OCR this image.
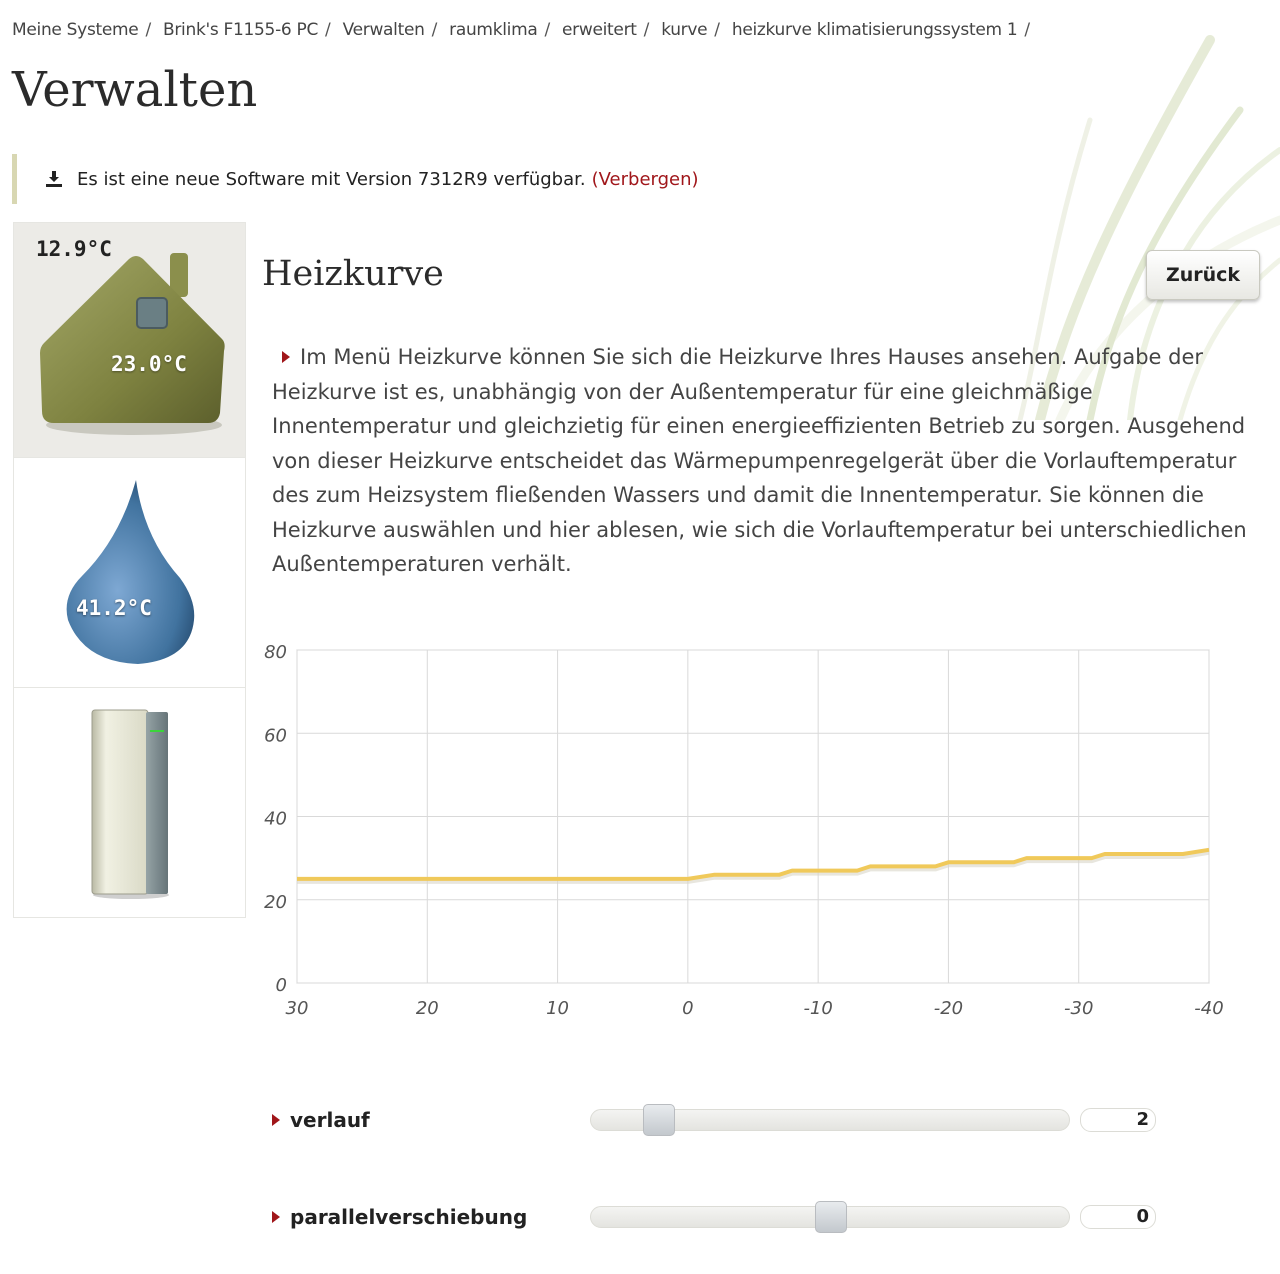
Meine Systeme / Brink's F1155-6 PC / Verwalten / raumklima / erweitert / kurve / heizkurve klimatisierungssystem 1 /
Verwalten
Es ist eine neue Software mit Version 7312R9 verfügbar. (Verbergen)
12.9°C
23.0°C
41.2°C
Heizkurve	Zurück

Im Menü Heizkurve können Sie sich die Heizkurve Ihres Hauses ansehen. Aufgabe der Heizkurve ist es, unabhängig von der Außentemperatur für eine gleichmäßige Innentemperatur und gleichzietig für einen energieeffizienten Betrieb zu sorgen. Ausgehend von dieser Heizkurve entscheidet das Wärmepumpenregelgerät über die Vorlauftemperatur des zum Heizsystem fließenden Wassers und damit die Innentemperatur. Sie können die Heizkurve auswählen und hier ablesen, wie sich die Vorlauftemperatur bei unterschiedlichen Außentemperaturen verhält.

30	20	10	0	-10	-20	-30	-40
0
20
40
60
80
verlauf	2
parallelverschiebung	0
